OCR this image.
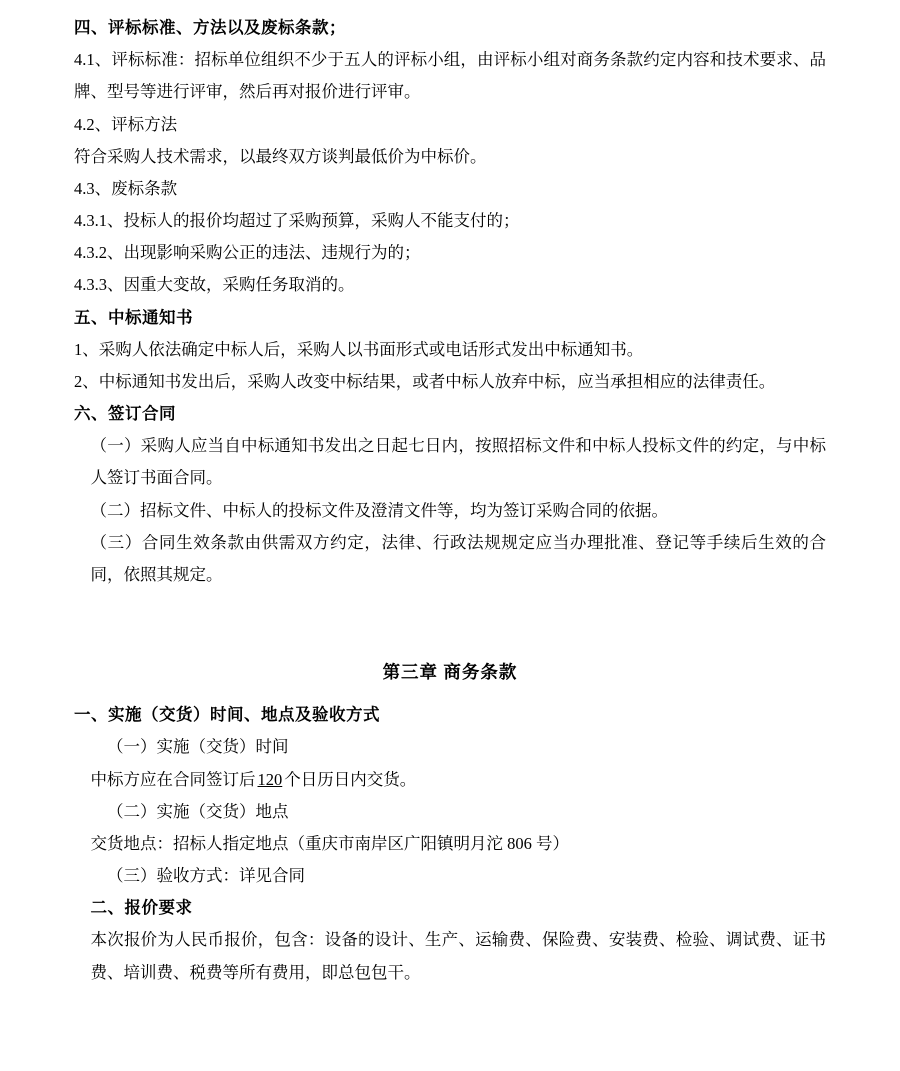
四、评标标准、方法以及废标条款；

4.1、评标标准：招标单位组织不少于五人的评标小组，由评标小组对商务条款约定内容和技术要求、品牌、型号等进行评审，然后再对报价进行评审。

4.2、评标方法

符合采购人技术需求，以最终双方谈判最低价为中标价。

4.3、废标条款

4.3.1、投标人的报价均超过了采购预算，采购人不能支付的；

4.3.2、出现影响采购公正的违法、违规行为的；

4.3.3、因重大变故，采购任务取消的。

五、中标通知书

1、采购人依法确定中标人后，采购人以书面形式或电话形式发出中标通知书。

2、中标通知书发出后，采购人改变中标结果，或者中标人放弃中标，应当承担相应的法律责任。

六、签订合同

（一）采购人应当自中标通知书发出之日起七日内，按照招标文件和中标人投标文件的约定，与中标人签订书面合同。

（二）招标文件、中标人的投标文件及澄清文件等，均为签订采购合同的依据。

（三）合同生效条款由供需双方约定，法律、行政法规规定应当办理批准、登记等手续后生效的合同，依照其规定。

第三章 商务条款
一、实施（交货）时间、地点及验收方式

（一）实施（交货）时间

中标方应在合同签订后 120 个日历日内交货。

（二）实施（交货）地点

交货地点：招标人指定地点（重庆市南岸区广阳镇明月沱 806 号）

（三）验收方式：详见合同

二、报价要求

本次报价为人民币报价，包含：设备的设计、生产、运输费、保险费、安装费、检验、调试费、证书费、培训费、税费等所有费用，即总包包干。
